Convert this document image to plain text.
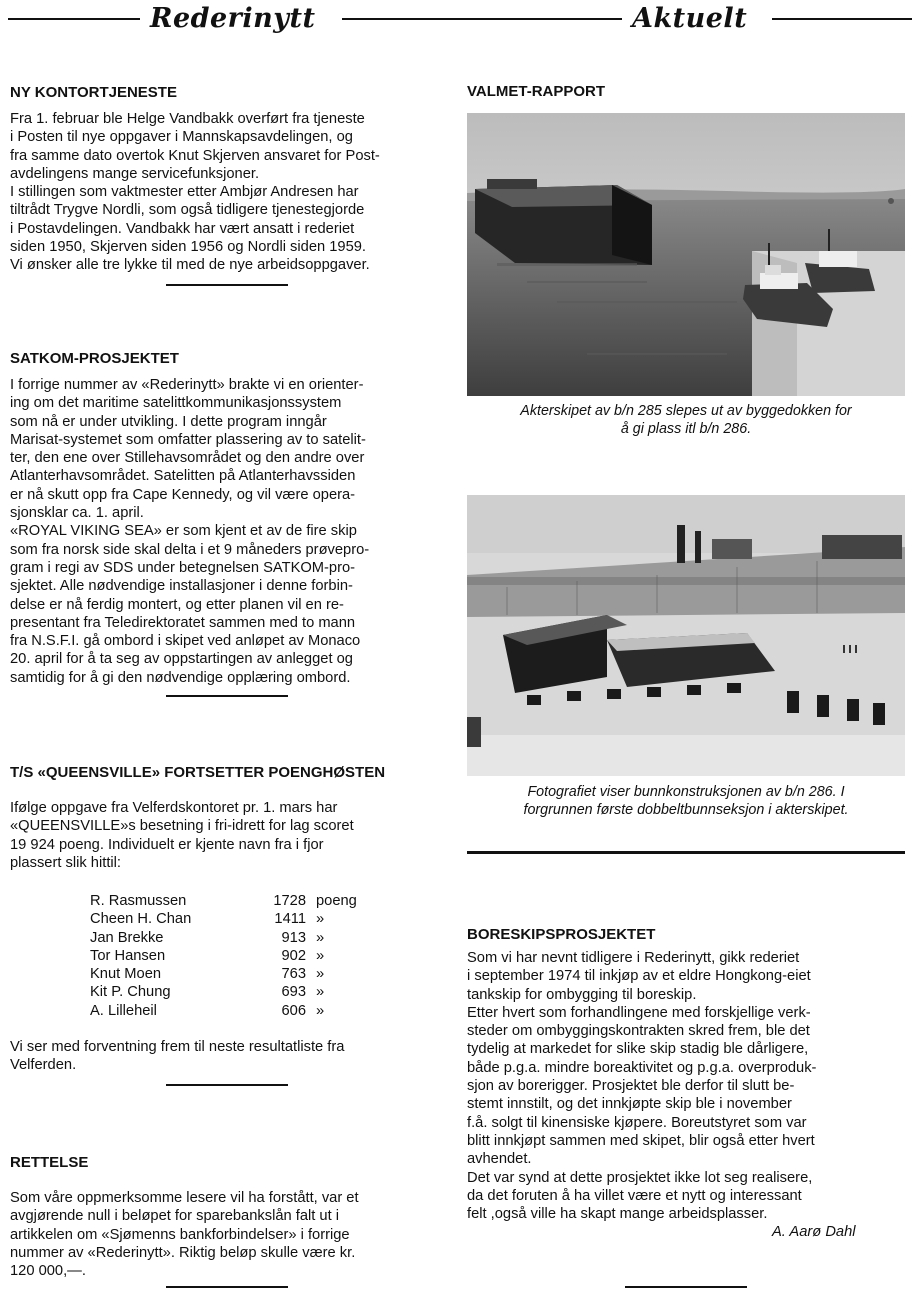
Rederinytt	Aktuelt
NY KONTORTJENESTE
Fra 1. februar ble Helge Vandbakk overført fra tjeneste
i Posten til nye oppgaver i Mannskapsavdelingen, og
fra samme dato overtok Knut Skjerven ansvaret for Post-
avdelingens mange servicefunksjoner.
I stillingen som vaktmester etter Ambjør Andresen har
tiltrådt Trygve Nordli, som også tidligere tjenestegjorde
i Postavdelingen. Vandbakk har vært ansatt i rederiet
siden 1950, Skjerven siden 1956 og Nordli siden 1959.
Vi ønsker alle tre lykke til med de nye arbeidsoppgaver.
SATKOM-PROSJEKTET
I forrige nummer av «Rederinytt» brakte vi en orienter-
ing om det maritime satelittkommunikasjonssystem
som nå er under utvikling. I dette program inngår
Marisat-systemet som omfatter plassering av to satelit-
ter, den ene over Stillehavsområdet og den andre over
Atlanterhavsområdet. Satelitten på Atlanterhavssiden
er nå skutt opp fra Cape Kennedy, og vil være opera-
sjonsklar ca. 1. april.
«ROYAL VIKING SEA» er som kjent et av de fire skip
som fra norsk side skal delta i et 9 måneders prøvepro-
gram i regi av SDS under betegnelsen SATKOM-pro-
sjektet. Alle nødvendige installasjoner i denne forbin-
delse er nå ferdig montert, og etter planen vil en re-
presentant fra Teledirektoratet sammen med to mann
fra N.S.F.I. gå ombord i skipet ved anløpet av Monaco
20. april for å ta seg av oppstartingen av anlegget og
samtidig for å gi den nødvendige opplæring ombord.
T/S «QUEENSVILLE» FORTSETTER POENGHØSTEN
Ifølge oppgave fra Velferdskontoret pr. 1. mars har
«QUEENSVILLE»s besetning i fri-idrett for lag scoret
19 924 poeng. Individuelt er kjente navn fra i fjor
plassert slik hittil:
R. Rasmussen	1728	poeng
Cheen H. Chan	1411	»
Jan Brekke	913	»
Tor Hansen	902	»
Knut Moen	763	»
Kit P. Chung	693	»
A. Lilleheil	606	»
Vi ser med forventning frem til neste resultatliste fra
Velferden.
RETTELSE
Som våre oppmerksomme lesere vil ha forstått, var et
avgjørende null i beløpet for sparebankslån falt ut i
artikkelen om «Sjømenns bankforbindelser» i forrige
nummer av «Rederinytt». Riktig beløp skulle være kr.
120 000,—.
VALMET-RAPPORT

Akterskipet av b/n 285 slepes ut av byggedokken for
å gi plass itl b/n 286.

Fotografiet viser bunnkonstruksjonen av b/n 286. I
forgrunnen første dobbeltbunnseksjon i akterskipet.

BORESKIPSPROSJEKTET
Som vi har nevnt tidligere i Rederinytt, gikk rederiet
i september 1974 til inkjøp av et eldre Hongkong-eiet
tankskip for ombygging til boreskip.
Etter hvert som forhandlingene med forskjellige verk-
steder om ombyggingskontrakten skred frem, ble det
tydelig at markedet for slike skip stadig ble dårligere,
både p.g.a. mindre boreaktivitet og p.g.a. overproduk-
sjon av borerigger. Prosjektet ble derfor til slutt be-
stemt innstilt, og det innkjøpte skip ble i november
f.å. solgt til kinensiske kjøpere. Boreutstyret som var
blitt innkjøpt sammen med skipet, blir også etter hvert
avhendet.
Det var synd at dette prosjektet ikke lot seg realisere,
da det foruten å ha villet være et nytt og interessant
felt ,også ville ha skapt mange arbeidsplasser.
A. Aarø Dahl
